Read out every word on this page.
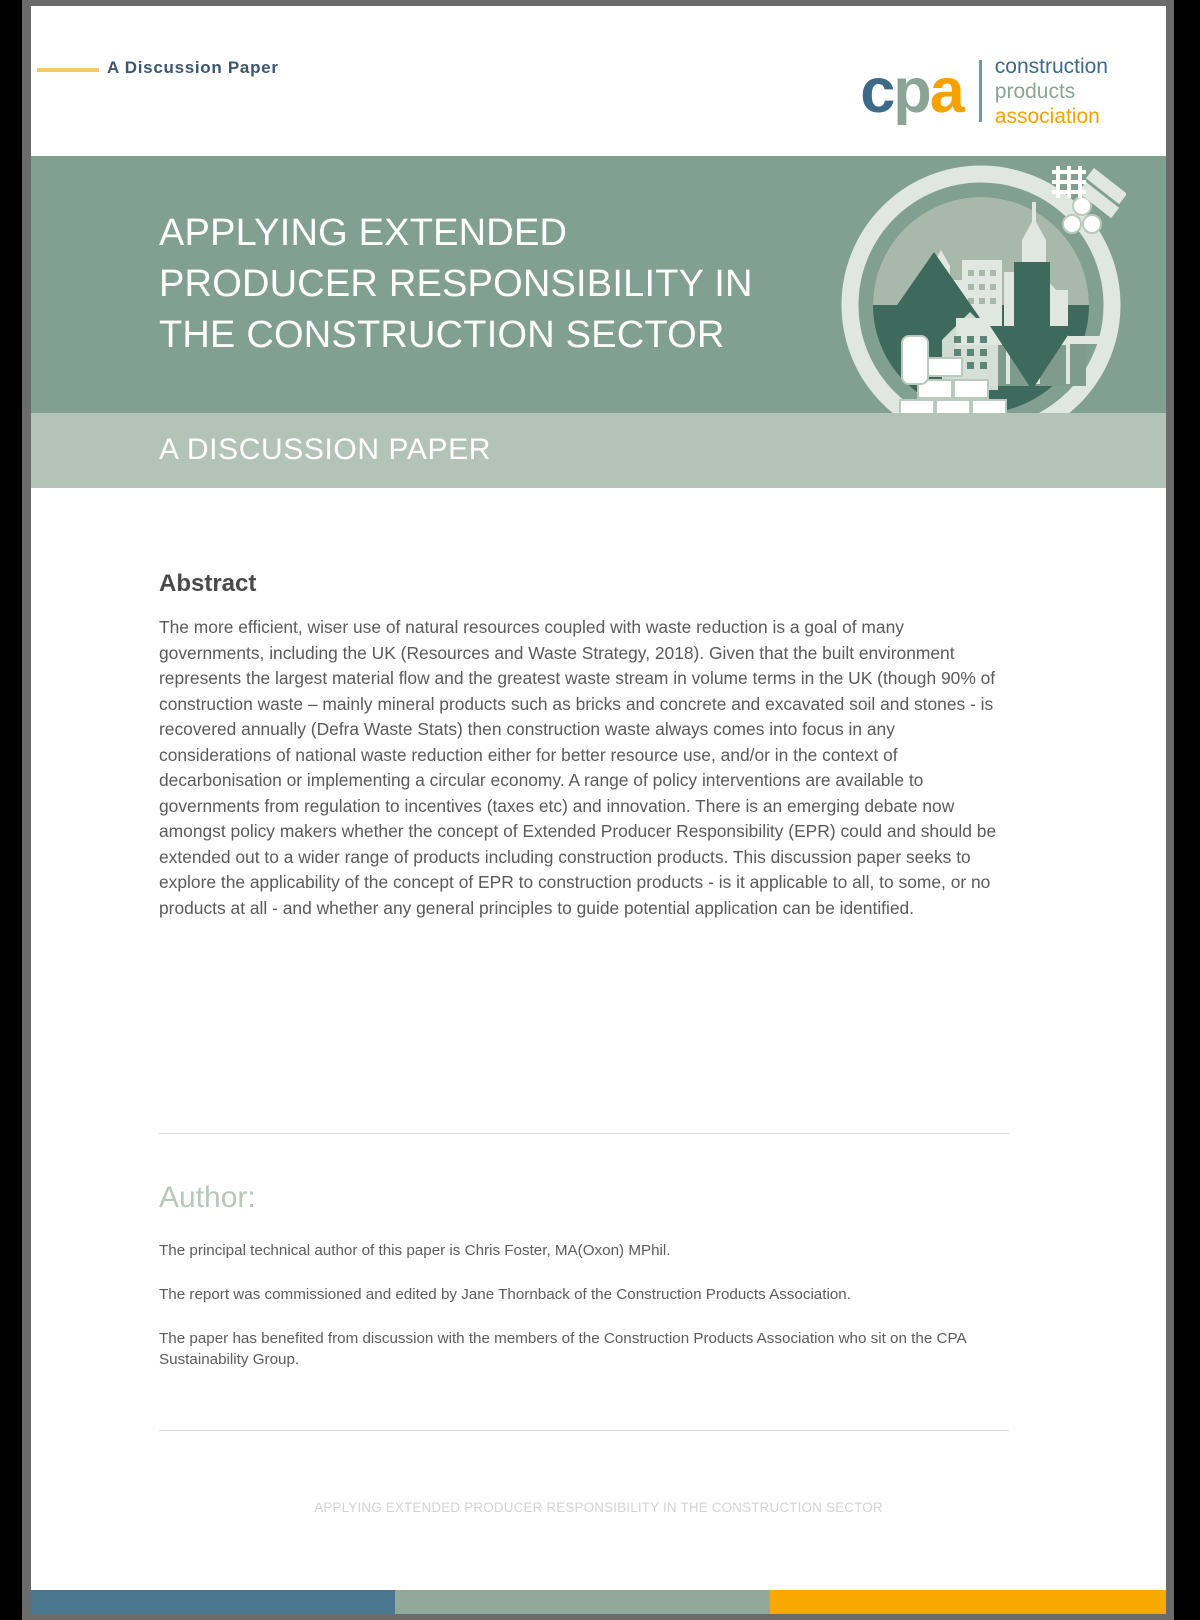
A Discussion Paper	cpa construction
products
association
APPLYING EXTENDED PRODUCER RESPONSIBILITY IN THE CONSTRUCTION SECTOR
A DISCUSSION PAPER
Abstract

The more efficient, wiser use of natural resources coupled with waste reduction is a goal of many governments, including the UK (Resources and Waste Strategy, 2018). Given that the built environment represents the largest material flow and the greatest waste stream in volume terms in the UK (though 90% of construction waste – mainly mineral products such as bricks and concrete and excavated soil and stones - is recovered annually (Defra Waste Stats) then construction waste always comes into focus in any considerations of national waste reduction either for better resource use, and/or in the context of decarbonisation or implementing a circular economy. A range of policy interventions are available to governments from regulation to incentives (taxes etc) and innovation. There is an emerging debate now amongst policy makers whether the concept of Extended Producer Responsibility (EPR) could and should be extended out to a wider range of products including construction products. This discussion paper seeks to explore the applicability of the concept of EPR to construction products - is it applicable to all, to some, or no products at all - and whether any general principles to guide potential application can be identified.

Author:

The principal technical author of this paper is Chris Foster, MA(Oxon) MPhil.

The report was commissioned and edited by Jane Thornback of the Construction Products Association.

The paper has benefited from discussion with the members of the Construction Products Association who sit on the CPA Sustainability Group.

APPLYING EXTENDED PRODUCER RESPONSIBILITY IN THE CONSTRUCTION SECTOR
